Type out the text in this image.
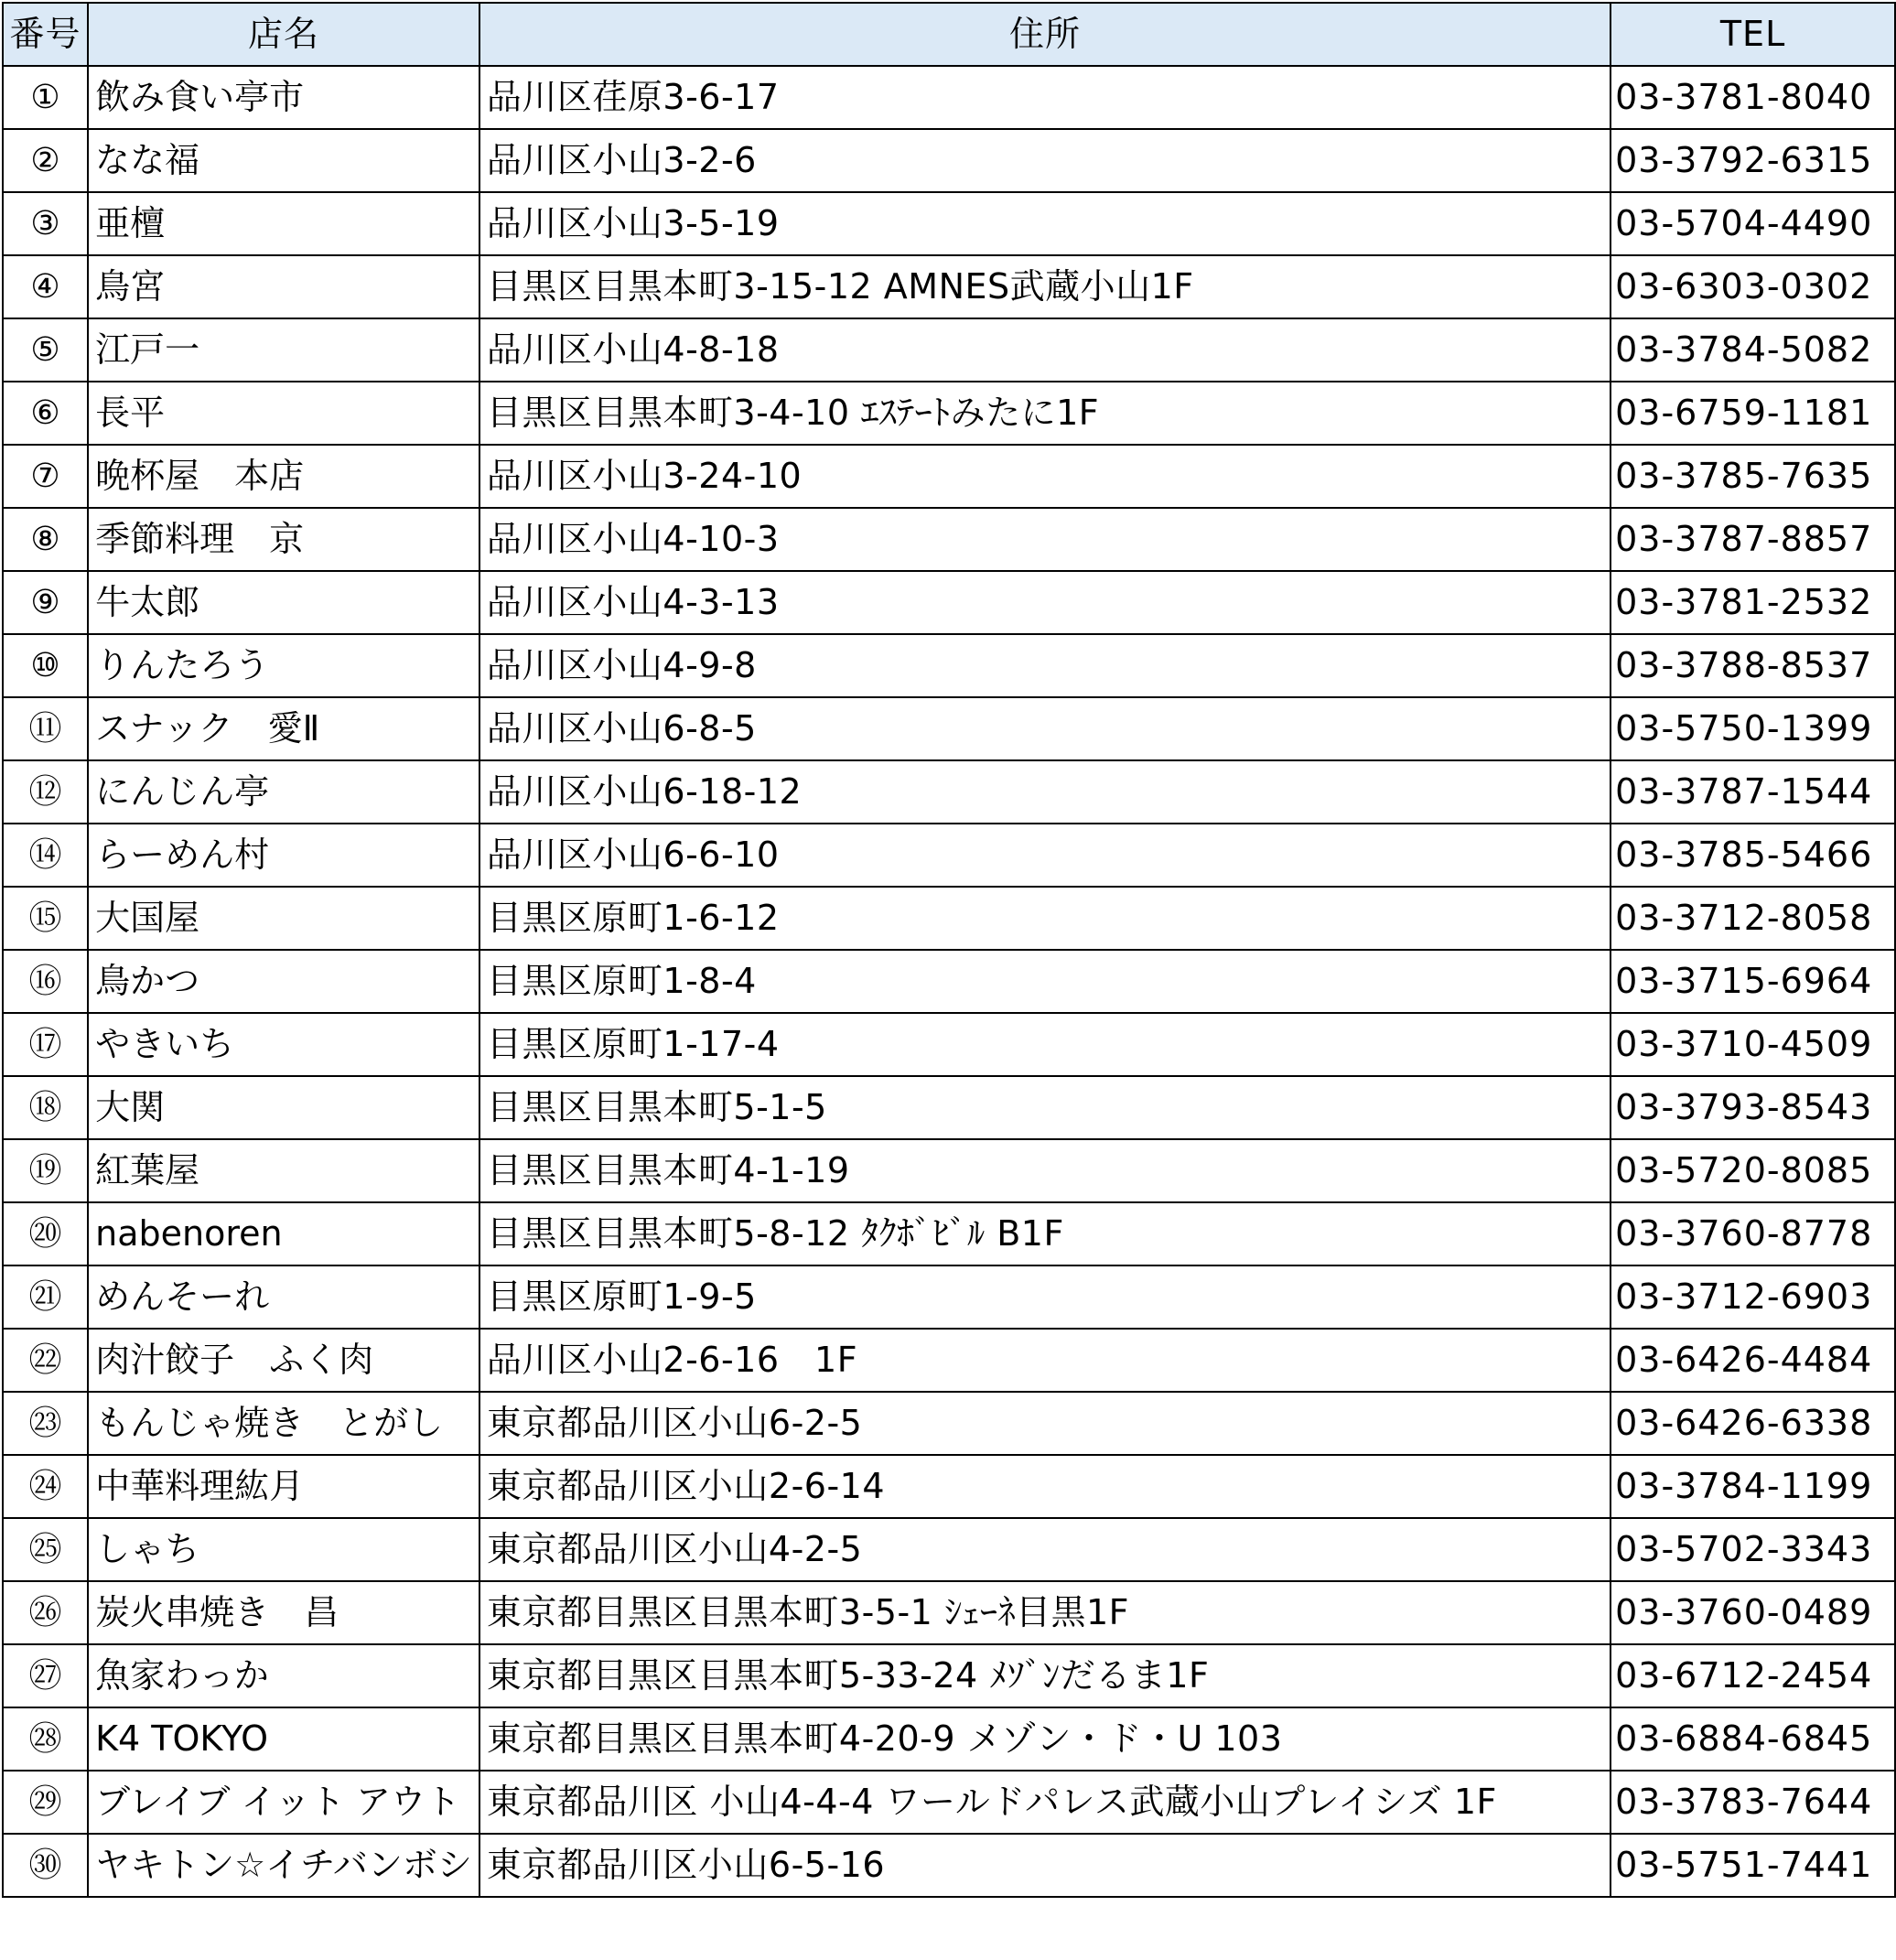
番号	店名	住所	TEL
①	飲み食い亭市	品川区荏原3-6-17	03-3781-8040
②	なな福	品川区小山3-2-6	03-3792-6315
③	亜檀	品川区小山3-5-19	03-5704-4490
④	鳥宮	目黒区目黒本町3-15-12 AMNES武蔵小山1F	03-6303-0302
⑤	江戸一	品川区小山4-8-18	03-3784-5082
⑥	長平	目黒区目黒本町3-4-10 ｴｽﾃｰﾄみたに1F	03-6759-1181
⑦	晩杯屋　本店	品川区小山3-24-10	03-3785-7635
⑧	季節料理　京	品川区小山4-10-3	03-3787-8857
⑨	牛太郎	品川区小山4-3-13	03-3781-2532
⑩	りんたろう	品川区小山4-9-8	03-3788-8537
⑪	スナック　愛Ⅱ	品川区小山6-8-5	03-5750-1399
⑫	にんじん亭	品川区小山6-18-12	03-3787-1544
⑭	らーめん村	品川区小山6-6-10	03-3785-5466
⑮	大国屋	目黒区原町1-6-12	03-3712-8058
⑯	鳥かつ	目黒区原町1-8-4	03-3715-6964
⑰	やきいち	目黒区原町1-17-4	03-3710-4509
⑱	大関	目黒区目黒本町5-1-5	03-3793-8543
⑲	紅葉屋	目黒区目黒本町4-1-19	03-5720-8085
⑳	nabenoren	目黒区目黒本町5-8-12 ﾀｸﾎﾞﾋﾞﾙ B1F	03-3760-8778
㉑	めんそーれ	目黒区原町1-9-5	03-3712-6903
㉒	肉汁餃子　ふく肉	品川区小山2-6-16　1F	03-6426-4484
㉓	もんじゃ焼き　とがし	東京都品川区小山6-2-5	03-6426-6338
㉔	中華料理紘月	東京都品川区小山2-6-14	03-3784-1199
㉕	しゃち	東京都品川区小山4-2-5	03-5702-3343
㉖	炭火串焼き　昌	東京都目黒区目黒本町3-5-1 ｼｪｰﾈ目黒1F	03-3760-0489
㉗	魚家わっか	東京都目黒区目黒本町5-33-24 ﾒｿﾞﾝだるま1F	03-6712-2454
㉘	K4 TOKYO	東京都目黒区目黒本町4-20-9 メゾン・ド・U 103	03-6884-6845
㉙	ブレイブ イット アウト	東京都品川区 小山4-4-4 ワールドパレス武蔵小山プレイシズ 1F	03-3783-7644
㉚	ヤキトン☆イチバンボシ	東京都品川区小山6-5-16	03-5751-7441
